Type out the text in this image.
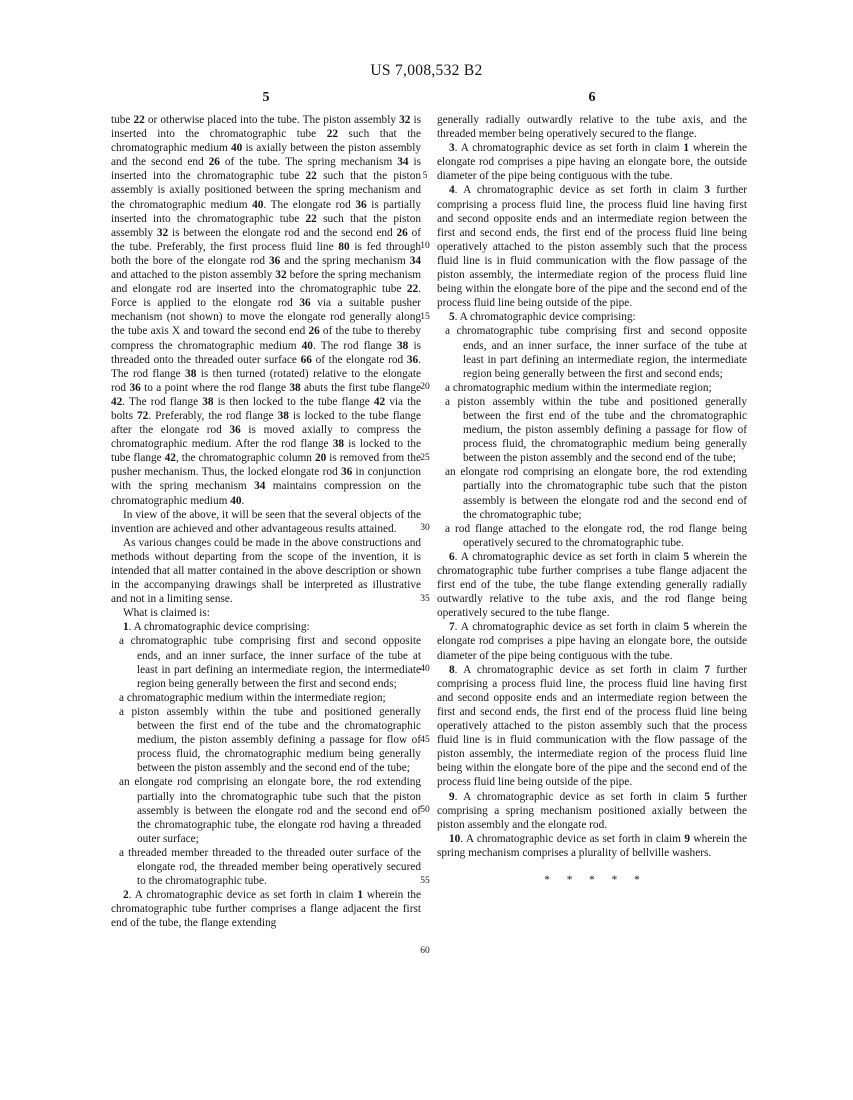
US 7,008,532 B2
5	6

tube 22 or otherwise placed into the tube. The piston assembly 32 is inserted into the chromatographic tube 22 such that the chromatographic medium 40 is axially between the piston assembly and the second end 26 of the tube. The spring mechanism 34 is inserted into the chromatographic tube 22 such that the piston assembly is axially positioned between the spring mechanism and the chromatographic medium 40. The elongate rod 36 is partially inserted into the chromatographic tube 22 such that the piston assembly 32 is between the elongate rod and the second end 26 of the tube. Preferably, the first process fluid line 80 is fed through both the bore of the elongate rod 36 and the spring mechanism 34 and attached to the piston assembly 32 before the spring mechanism and elongate rod are inserted into the chromatographic tube 22. Force is applied to the elongate rod 36 via a suitable pusher mechanism (not shown) to move the elongate rod generally along the tube axis X and toward the second end 26 of the tube to thereby compress the chromatographic medium 40. The rod flange 38 is threaded onto the threaded outer surface 66 of the elongate rod 36. The rod flange 38 is then turned (rotated) relative to the elongate rod 36 to a point where the rod flange 38 abuts the first tube flange 42. The rod flange 38 is then locked to the tube flange 42 via the bolts 72. Preferably, the rod flange 38 is locked to the tube flange after the elongate rod 36 is moved axially to compress the chromatographic medium. After the rod flange 38 is locked to the tube flange 42, the chromatographic column 20 is removed from the pusher mechanism. Thus, the locked elongate rod 36 in conjunction with the spring mechanism 34 maintains compression on the chromatographic medium 40.

In view of the above, it will be seen that the several objects of the invention are achieved and other advantageous results attained.

As various changes could be made in the above constructions and methods without departing from the scope of the invention, it is intended that all matter contained in the above description or shown in the accompanying drawings shall be interpreted as illustrative and not in a limiting sense.

What is claimed is:

1. A chromatographic device comprising:

a chromatographic tube comprising first and second opposite ends, and an inner surface, the inner surface of the tube at least in part defining an intermediate region, the intermediate region being generally between the first and second ends;

a chromatographic medium within the intermediate region;

a piston assembly within the tube and positioned generally between the first end of the tube and the chromatographic medium, the piston assembly defining a passage for flow of process fluid, the chromatographic medium being generally between the piston assembly and the second end of the tube;

an elongate rod comprising an elongate bore, the rod extending partially into the chromatographic tube such that the piston assembly is between the elongate rod and the second end of the chromatographic tube, the elongate rod having a threaded outer surface;

a threaded member threaded to the threaded outer surface of the elongate rod, the threaded member being operatively secured to the chromatographic tube.

2. A chromatographic device as set forth in claim 1 wherein the chromatographic tube further comprises a flange adjacent the first end of the tube, the flange extending

generally radially outwardly relative to the tube axis, and the threaded member being operatively secured to the flange.

3. A chromatographic device as set forth in claim 1 wherein the elongate rod comprises a pipe having an elongate bore, the outside diameter of the pipe being contiguous with the tube.

4. A chromatographic device as set forth in claim 3 further comprising a process fluid line, the process fluid line having first and second opposite ends and an intermediate region between the first and second ends, the first end of the process fluid line being operatively attached to the piston assembly such that the process fluid line is in fluid communication with the flow passage of the piston assembly, the intermediate region of the process fluid line being within the elongate bore of the pipe and the second end of the process fluid line being outside of the pipe.

5. A chromatographic device comprising:

a chromatographic tube comprising first and second opposite ends, and an inner surface, the inner surface of the tube at least in part defining an intermediate region, the intermediate region being generally between the first and second ends;

a chromatographic medium within the intermediate region;

a piston assembly within the tube and positioned generally between the first end of the tube and the chromatographic medium, the piston assembly defining a passage for flow of process fluid, the chromatographic medium being generally between the piston assembly and the second end of the tube;

an elongate rod comprising an elongate bore, the rod extending partially into the chromatographic tube such that the piston assembly is between the elongate rod and the second end of the chromatographic tube;

a rod flange attached to the elongate rod, the rod flange being operatively secured to the chromatographic tube.

6. A chromatographic device as set forth in claim 5 wherein the chromatographic tube further comprises a tube flange adjacent the first end of the tube, the tube flange extending generally radially outwardly relative to the tube axis, and the rod flange being operatively secured to the tube flange.

7. A chromatographic device as set forth in claim 5 wherein the elongate rod comprises a pipe having an elongate bore, the outside diameter of the pipe being contiguous with the tube.

8. A chromatographic device as set forth in claim 7 further comprising a process fluid line, the process fluid line having first and second opposite ends and an intermediate region between the first and second ends, the first end of the process fluid line being operatively attached to the piston assembly such that the process fluid line is in fluid communication with the flow passage of the piston assembly, the intermediate region of the process fluid line being within the elongate bore of the pipe and the second end of the process fluid line being outside of the pipe.

9. A chromatographic device as set forth in claim 5 further comprising a spring mechanism positioned axially between the piston assembly and the elongate rod.

10. A chromatographic device as set forth in claim 9 wherein the spring mechanism comprises a plurality of bellville washers.

* * * * *

5
10
15
20
25
30
35
40
45
50
55
60
